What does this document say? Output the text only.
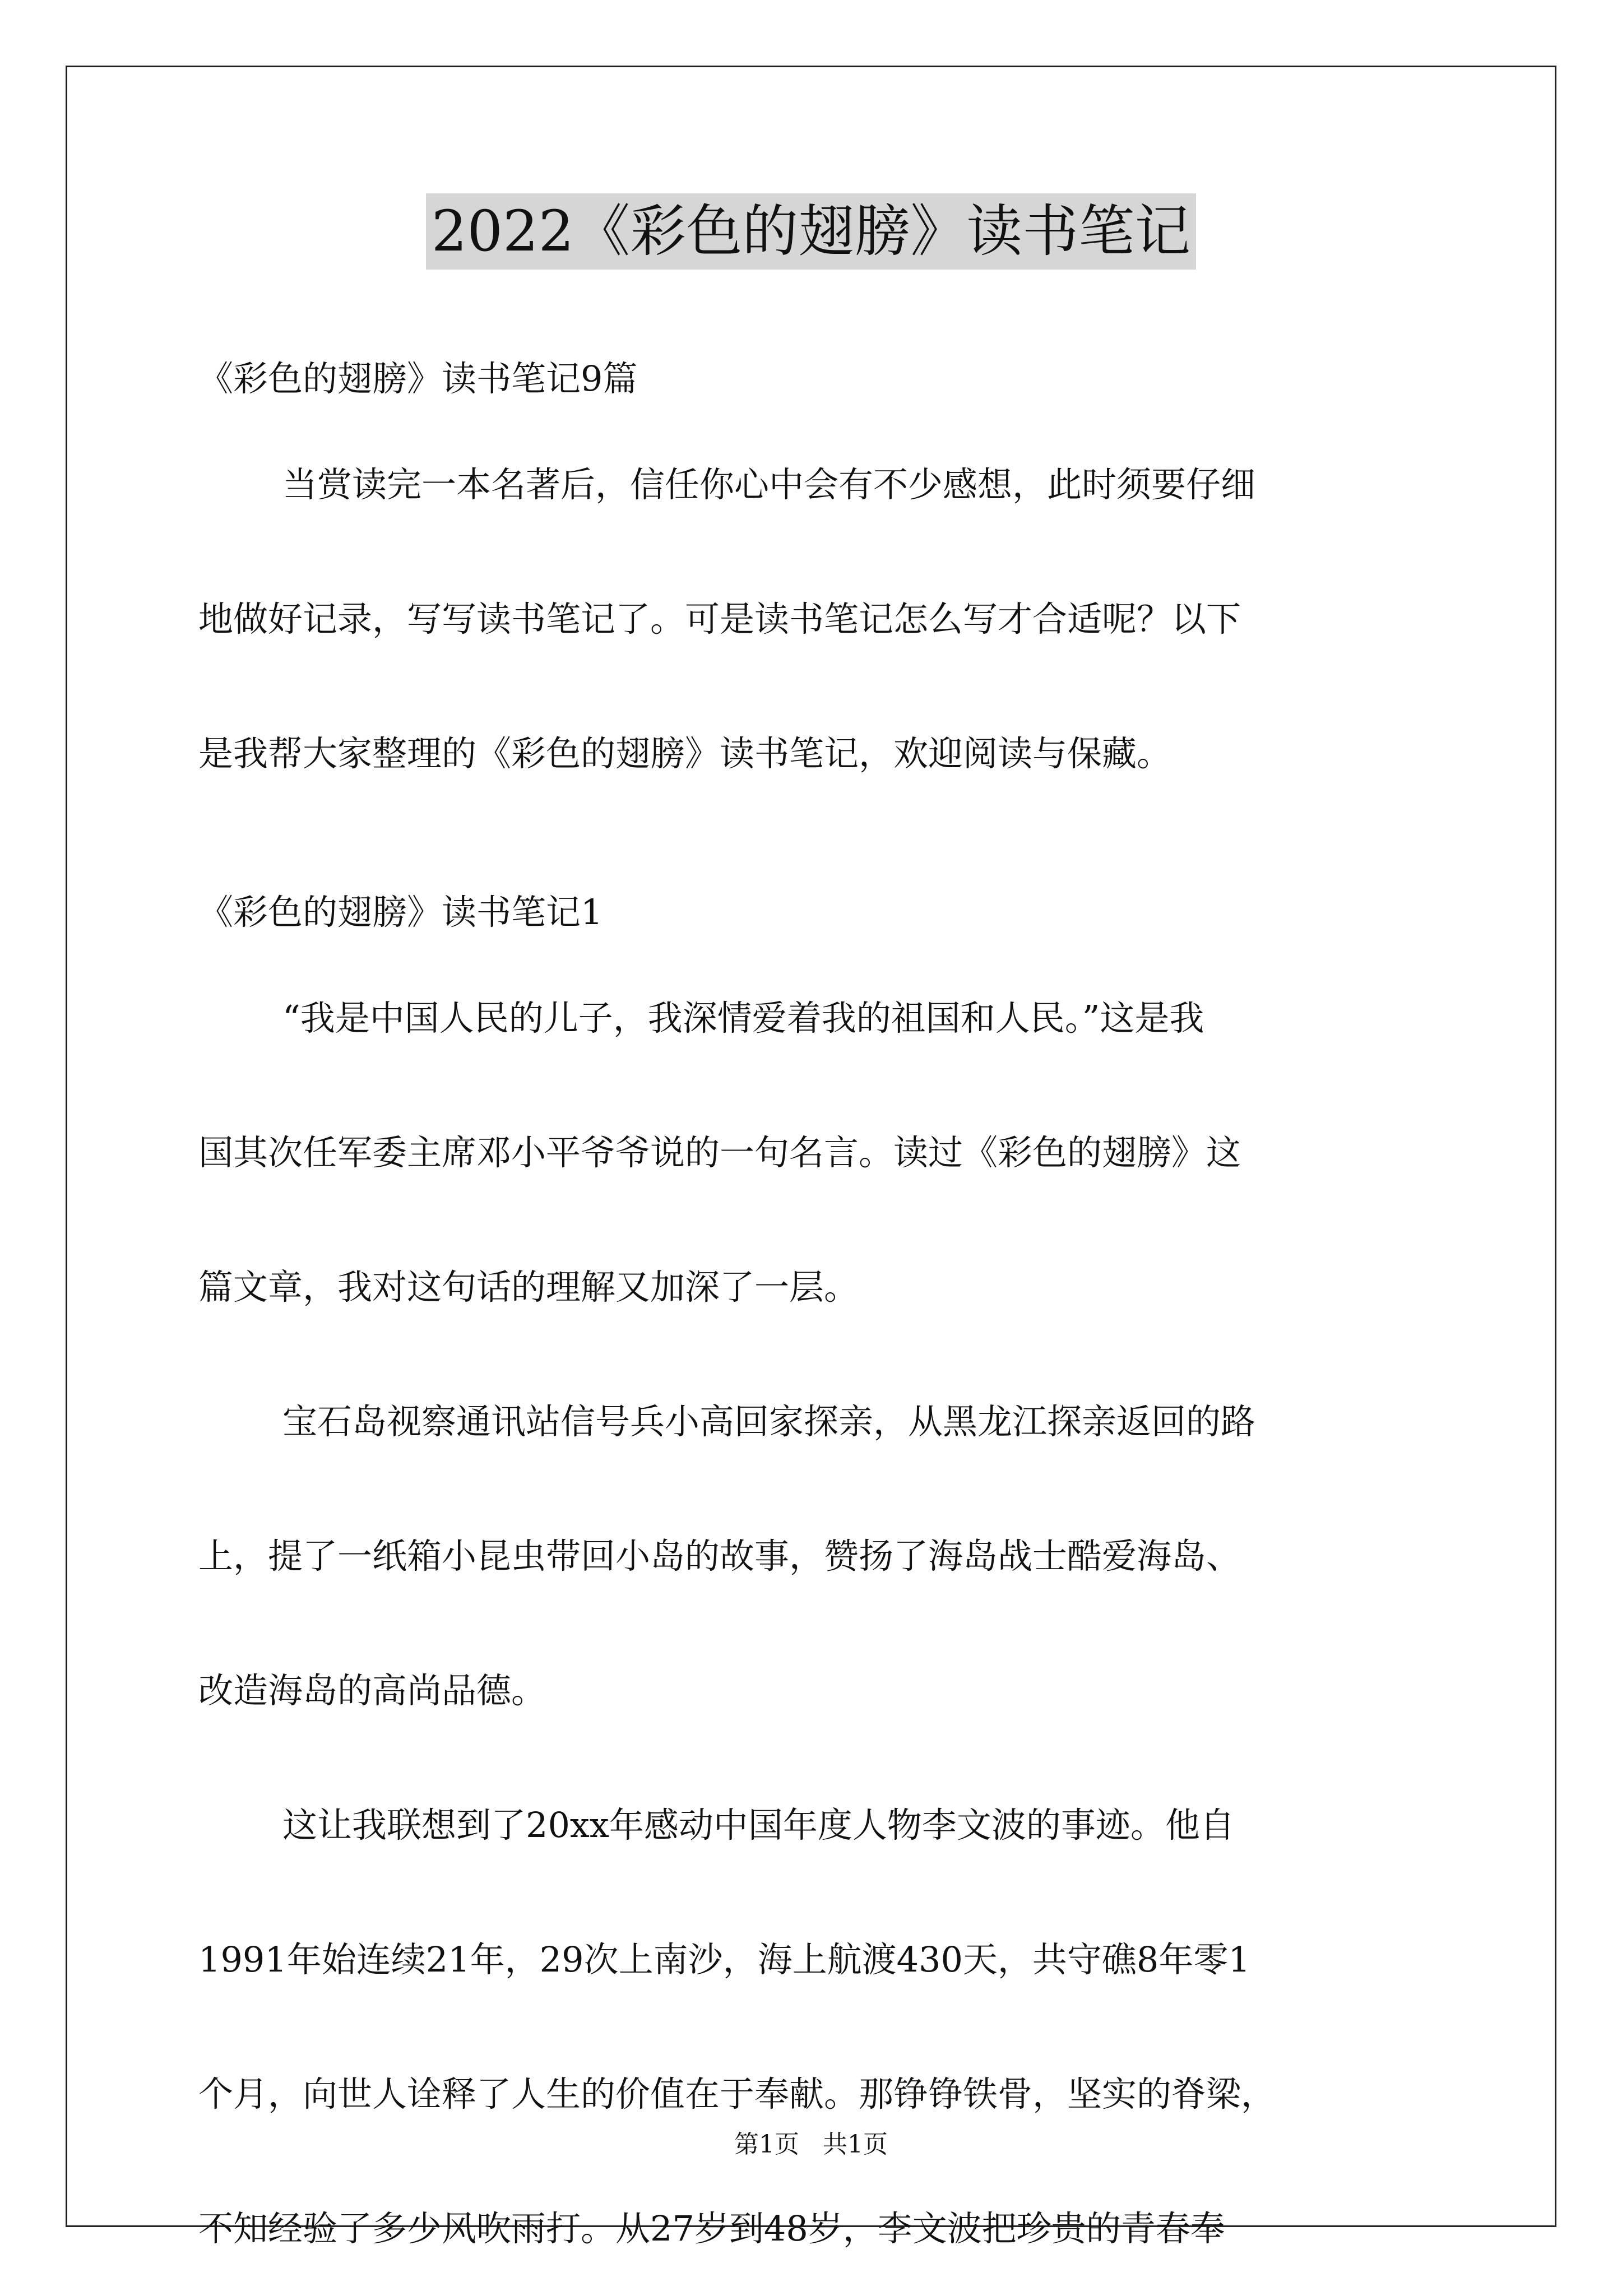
2022《彩色的翅膀》读书笔记
《彩色的翅膀》读书笔记9篇
当赏读完一本名著后，信任你心中会有不少感想，此时须要仔细
地做好记录，写写读书笔记了。可是读书笔记怎么写才合适呢？以下
是我帮大家整理的《彩色的翅膀》读书笔记，欢迎阅读与保藏。
《彩色的翅膀》读书笔记1
“我是中国人民的儿子，我深情爱着我的祖国和人民。”这是我
国其次任军委主席邓小平爷爷说的一句名言。读过《彩色的翅膀》这
篇文章，我对这句话的理解又加深了一层。
宝石岛视察通讯站信号兵小高回家探亲，从黑龙江探亲返回的路
上，提了一纸箱小昆虫带回小岛的故事，赞扬了海岛战士酷爱海岛、
改造海岛的高尚品德。
这让我联想到了20xx年感动中国年度人物李文波的事迹。他自
1991年始连续21年，29次上南沙，海上航渡430天，共守礁8年零1
个月，向世人诠释了人生的价值在于奉献。那铮铮铁骨，坚实的脊梁，
不知经验了多少风吹雨打。从27岁到48岁，李文波把珍贵的青春奉
第1页   共1页
